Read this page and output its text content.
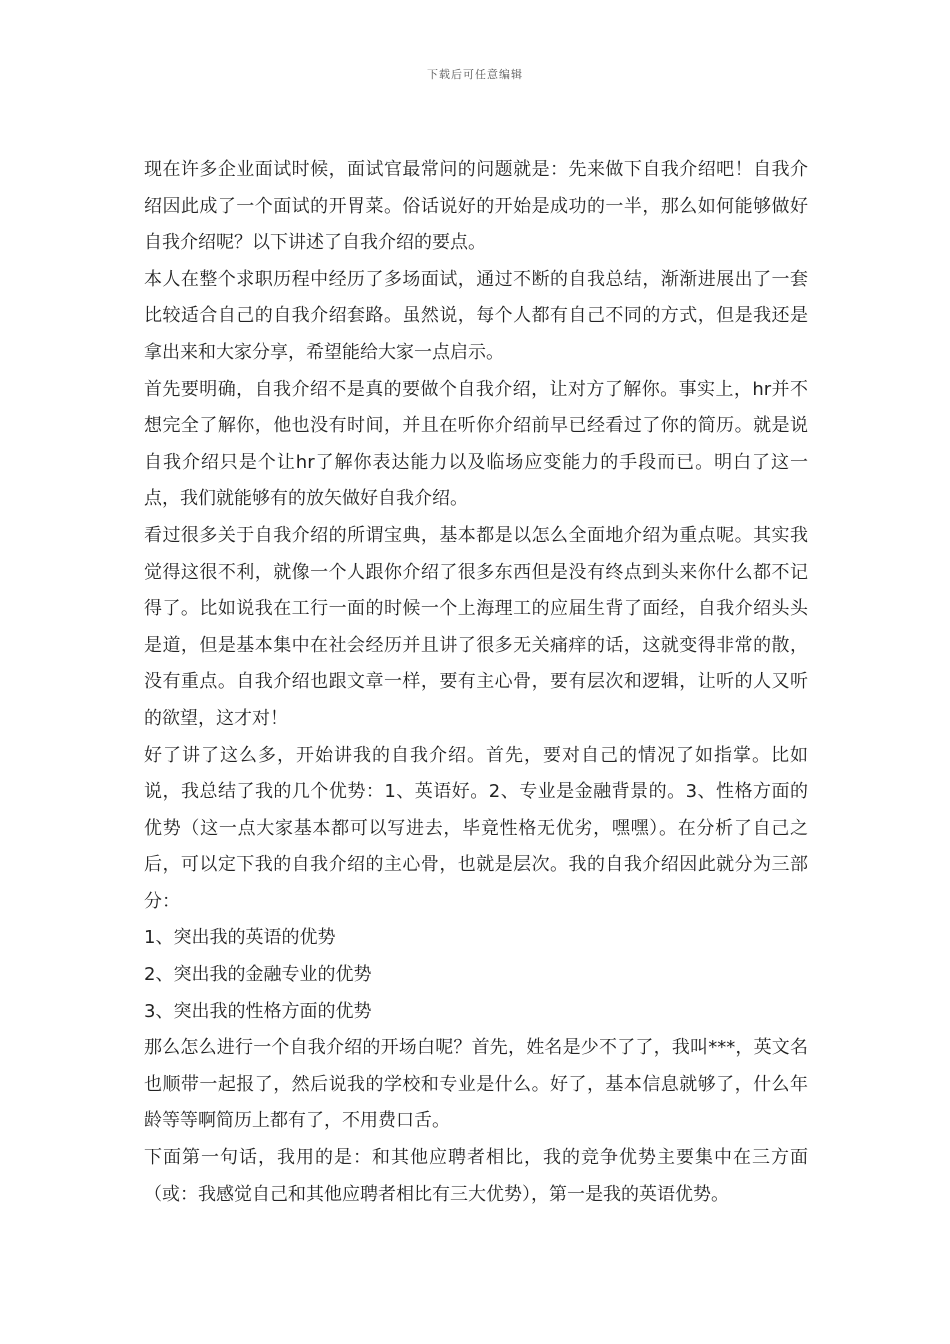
下载后可任意编辑

现在许多企业面试时候，面试官最常问的问题就是：先来做下自我介绍吧！自我介绍因此成了一个面试的开胃菜。俗话说好的开始是成功的一半，那么如何能够做好自我介绍呢？以下讲述了自我介绍的要点。

本人在整个求职历程中经历了多场面试，通过不断的自我总结，渐渐进展出了一套比较适合自己的自我介绍套路。虽然说，每个人都有自己不同的方式，但是我还是拿出来和大家分享，希望能给大家一点启示。

首先要明确，自我介绍不是真的要做个自我介绍，让对方了解你。事实上，hr并不想完全了解你，他也没有时间，并且在听你介绍前早已经看过了你的简历。就是说自我介绍只是个让hr了解你表达能力以及临场应变能力的手段而已。明白了这一点，我们就能够有的放矢做好自我介绍。

看过很多关于自我介绍的所谓宝典，基本都是以怎么全面地介绍为重点呢。其实我觉得这很不利，就像一个人跟你介绍了很多东西但是没有终点到头来你什么都不记得了。比如说我在工行一面的时候一个上海理工的应届生背了面经，自我介绍头头是道，但是基本集中在社会经历并且讲了很多无关痛痒的话，这就变得非常的散，没有重点。自我介绍也跟文章一样，要有主心骨，要有层次和逻辑，让听的人又听的欲望，这才对！

好了讲了这么多，开始讲我的自我介绍。首先，要对自己的情况了如指掌。比如说，我总结了我的几个优势：1、英语好。2、专业是金融背景的。3、性格方面的优势（这一点大家基本都可以写进去，毕竟性格无优劣，嘿嘿）。在分析了自己之后，可以定下我的自我介绍的主心骨，也就是层次。我的自我介绍因此就分为三部分：

1、突出我的英语的优势

2、突出我的金融专业的优势

3、突出我的性格方面的优势

那么怎么进行一个自我介绍的开场白呢？首先，姓名是少不了了，我叫***，英文名也顺带一起报了，然后说我的学校和专业是什么。好了，基本信息就够了，什么年龄等等啊简历上都有了，不用费口舌。

下面第一句话，我用的是：和其他应聘者相比，我的竞争优势主要集中在三方面（或：我感觉自己和其他应聘者相比有三大优势），第一是我的英语优势。
